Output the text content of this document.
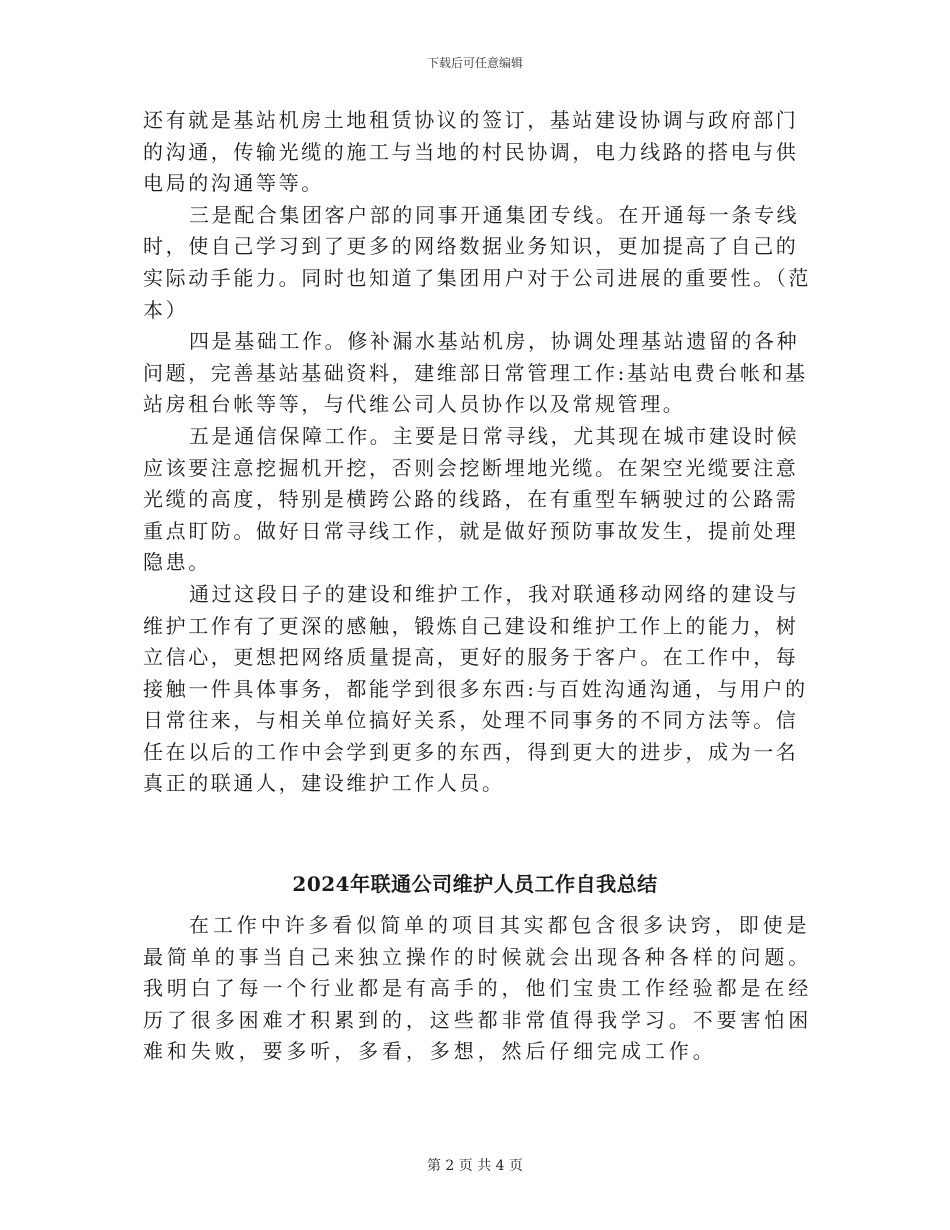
下载后可任意编辑

还有就是基站机房土地租赁协议的签订，基站建设协调与政府部门的沟通，传输光缆的施工与当地的村民协调，电力线路的搭电与供电局的沟通等等。

三是配合集团客户部的同事开通集团专线。在开通每一条专线时，使自己学习到了更多的网络数据业务知识，更加提高了自己的实际动手能力。同时也知道了集团用户对于公司进展的重要性。（范本）

四是基础工作。修补漏水基站机房，协调处理基站遗留的各种问题，完善基站基础资料，建维部日常管理工作:基站电费台帐和基站房租台帐等等，与代维公司人员协作以及常规管理。

五是通信保障工作。主要是日常寻线，尤其现在城市建设时候应该要注意挖掘机开挖，否则会挖断埋地光缆。在架空光缆要注意光缆的高度，特别是横跨公路的线路，在有重型车辆驶过的公路需重点盯防。做好日常寻线工作，就是做好预防事故发生，提前处理隐患。

通过这段日子的建设和维护工作，我对联通移动网络的建设与维护工作有了更深的感触，锻炼自己建设和维护工作上的能力，树立信心，更想把网络质量提高，更好的服务于客户。在工作中，每接触一件具体事务，都能学到很多东西:与百姓沟通沟通，与用户的日常往来，与相关单位搞好关系，处理不同事务的不同方法等。信任在以后的工作中会学到更多的东西，得到更大的进步，成为一名真正的联通人，建设维护工作人员。

2024年联通公司维护人员工作自我总结

在工作中许多看似简单的项目其实都包含很多诀窍，即使是最简单的事当自己来独立操作的时候就会出现各种各样的问题。我明白了每一个行业都是有高手的，他们宝贵工作经验都是在经历了很多困难才积累到的，这些都非常值得我学习。不要害怕困难和失败，要多听，多看，多想，然后仔细完成工作。

第 2 页 共 4 页
